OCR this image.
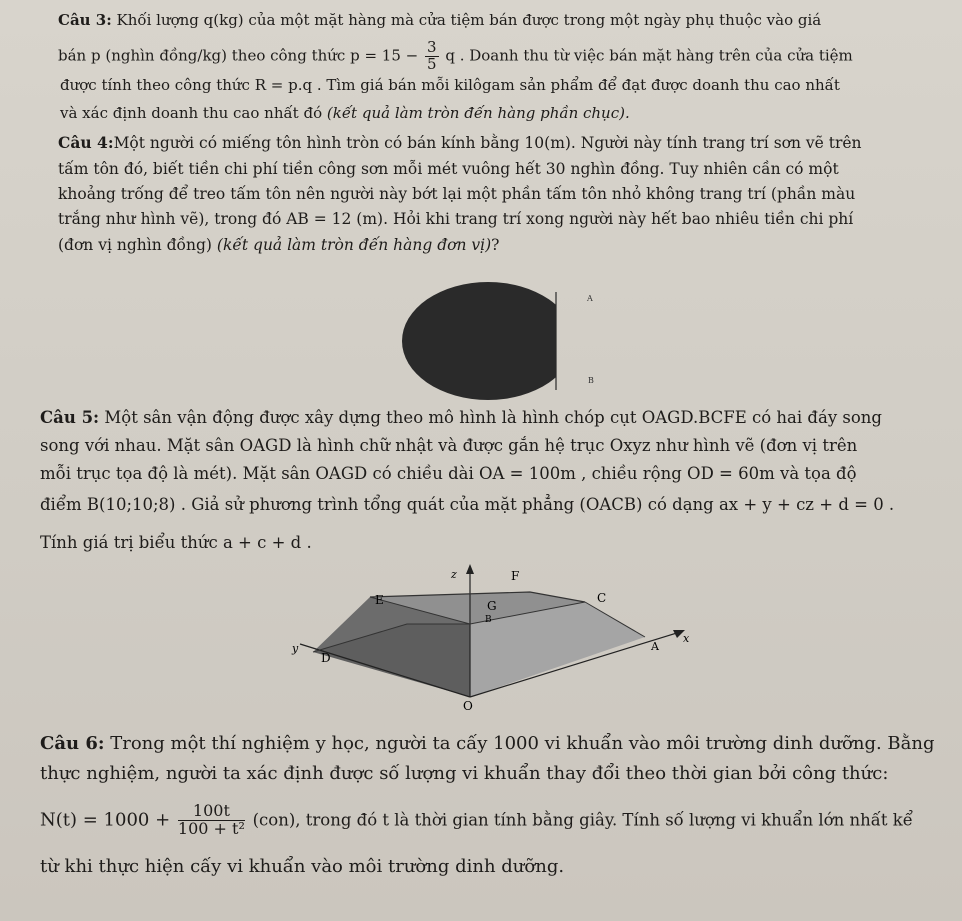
Câu 3: Khối lượng q(kg) của một mặt hàng mà cửa tiệm bán được trong một ngày phụ thuộc vào giá
bán p (nghìn đồng/kg) theo công thức $p = 15 - \frac{3}{5}$ q . Doanh thu từ việc bán mặt hàng trên của cửa tiệm
được tính theo công thức R = p.q . Tìm giá bán mỗi kilôgam sản phẩm để đạt được doanh thu cao nhất
và xác định doanh thu cao nhất đó (kết quả làm tròn đến hàng phần chục).
Câu 4:Một người có miếng tôn hình tròn có bán kính bằng 10(m). Người này tính trang trí sơn vẽ trên
tấm tôn đó, biết tiền chi phí tiền công sơn mỗi mét vuông hết 30 nghìn đồng. Tuy nhiên cần có một
khoảng trống để treo tấm tôn nên người này bớt lại một phần tấm tôn nhỏ không trang trí (phần màu
trắng như hình vẽ), trong đó AB = 12 (m). Hỏi khi trang trí xong người này hết bao nhiêu tiền chi phí
(đơn vị nghìn đồng) (kết quả làm tròn đến hàng đơn vị)?
A
B
Câu 5: Một sân vận động được xây dựng theo mô hình là hình chóp cụt OAGD.BCFE có hai đáy song
song với nhau. Mặt sân OAGD là hình chữ nhật và được gắn hệ trục Oxyz như hình vẽ (đơn vị trên
mỗi trục tọa độ là mét). Mặt sân OAGD có chiều dài OA = 100m , chiều rộng OD = 60m và tọa độ
điểm B(10;10;8) . Giả sử phương trình tổng quát của mặt phẳng (OACB) có dạng ax + y + cz + d = 0 .
Tính giá trị biểu thức a + c + d .
z	F
E	C
G
B
y
D
A
x
O
Câu 6: Trong một thí nghiệm y học, người ta cấy 1000 vi khuẩn vào môi trường dinh dưỡng. Bằng
thực nghiệm, người ta xác định được số lượng vi khuẩn thay đổi theo thời gian bởi công thức:
$N(t) = 1000 + \frac{100t}{\text{100 + t²}} (con)$, trong đó t là thời gian tính bằng giây. Tính số lượng vi khuẩn lớn nhất kể
từ khi thực hiện cấy vi khuẩn vào môi trường dinh dưỡng.
